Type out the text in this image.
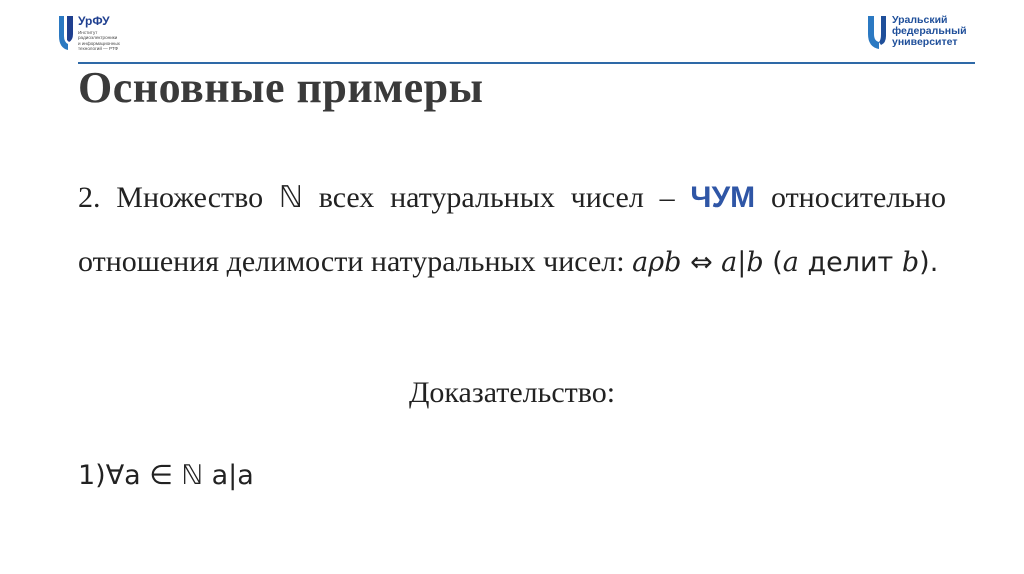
УрФУ
Институт
радиоэлектроники
и информационных
технологий — РТФ
Уральский
федеральный
университет
Основные примеры
2. Множество ℕ всех натуральных чисел – ЧУМ относительно отношения делимости натуральных чисел: aρb ⇔ a|b (a делит b).
Доказательство:
1)∀a ∈ ℕ a|a
